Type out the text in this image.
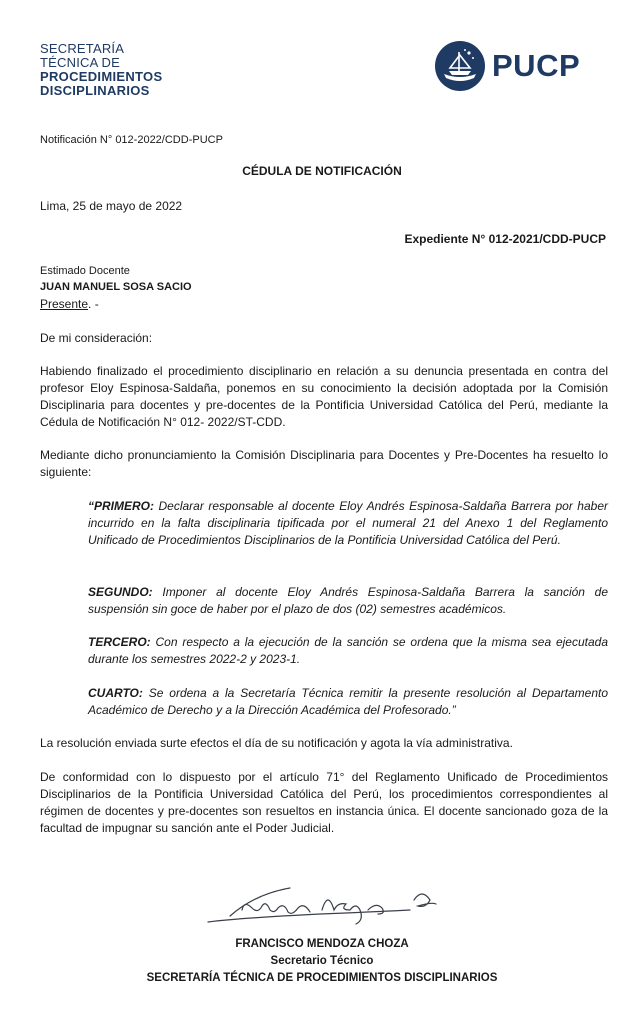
SECRETARÍA
TÉCNICA DE
PROCEDIMIENTOS
DISCIPLINARIOS
PUCP
Notificación N° 012-2022/CDD-PUCP
CÉDULA DE NOTIFICACIÓN
Lima, 25 de mayo de 2022
Expediente N° 012-2021/CDD-PUCP
Estimado Docente
JUAN MANUEL SOSA SACIO
Presente. -
De mi consideración:
Habiendo finalizado el procedimiento disciplinario en relación a su denuncia presentada en contra del profesor Eloy Espinosa-Saldaña, ponemos en su conocimiento la decisión adoptada por la Comisión Disciplinaria para docentes y pre-docentes de la Pontificia Universidad Católica del Perú, mediante la Cédula de Notificación N° 012- 2022/ST-CDD.
Mediante dicho pronunciamiento la Comisión Disciplinaria para Docentes y Pre-Docentes ha resuelto lo siguiente:
“PRIMERO: Declarar responsable al docente Eloy Andrés Espinosa-Saldaña Barrera por haber incurrido en la falta disciplinaria tipificada por el numeral 21 del Anexo 1 del Reglamento Unificado de Procedimientos Disciplinarios de la Pontificia Universidad Católica del Perú.
SEGUNDO: Imponer al docente Eloy Andrés Espinosa-Saldaña Barrera la sanción de suspensión sin goce de haber por el plazo de dos (02) semestres académicos.
TERCERO: Con respecto a la ejecución de la sanción se ordena que la misma sea ejecutada durante los semestres 2022-2 y 2023-1.
CUARTO: Se ordena a la Secretaría Técnica remitir la presente resolución al Departamento Académico de Derecho y a la Dirección Académica del Profesorado.”
La resolución enviada surte efectos el día de su notificación y agota la vía administrativa.
De conformidad con lo dispuesto por el artículo 71° del Reglamento Unificado de Procedimientos Disciplinarios de la Pontificia Universidad Católica del Perú, los procedimientos correspondientes al régimen de docentes y pre-docentes son resueltos en instancia única. El docente sancionado goza de la facultad de impugnar su sanción ante el Poder Judicial.
FRANCISCO MENDOZA CHOZA
Secretario Técnico
SECRETARÍA TÉCNICA DE PROCEDIMIENTOS DISCIPLINARIOS
